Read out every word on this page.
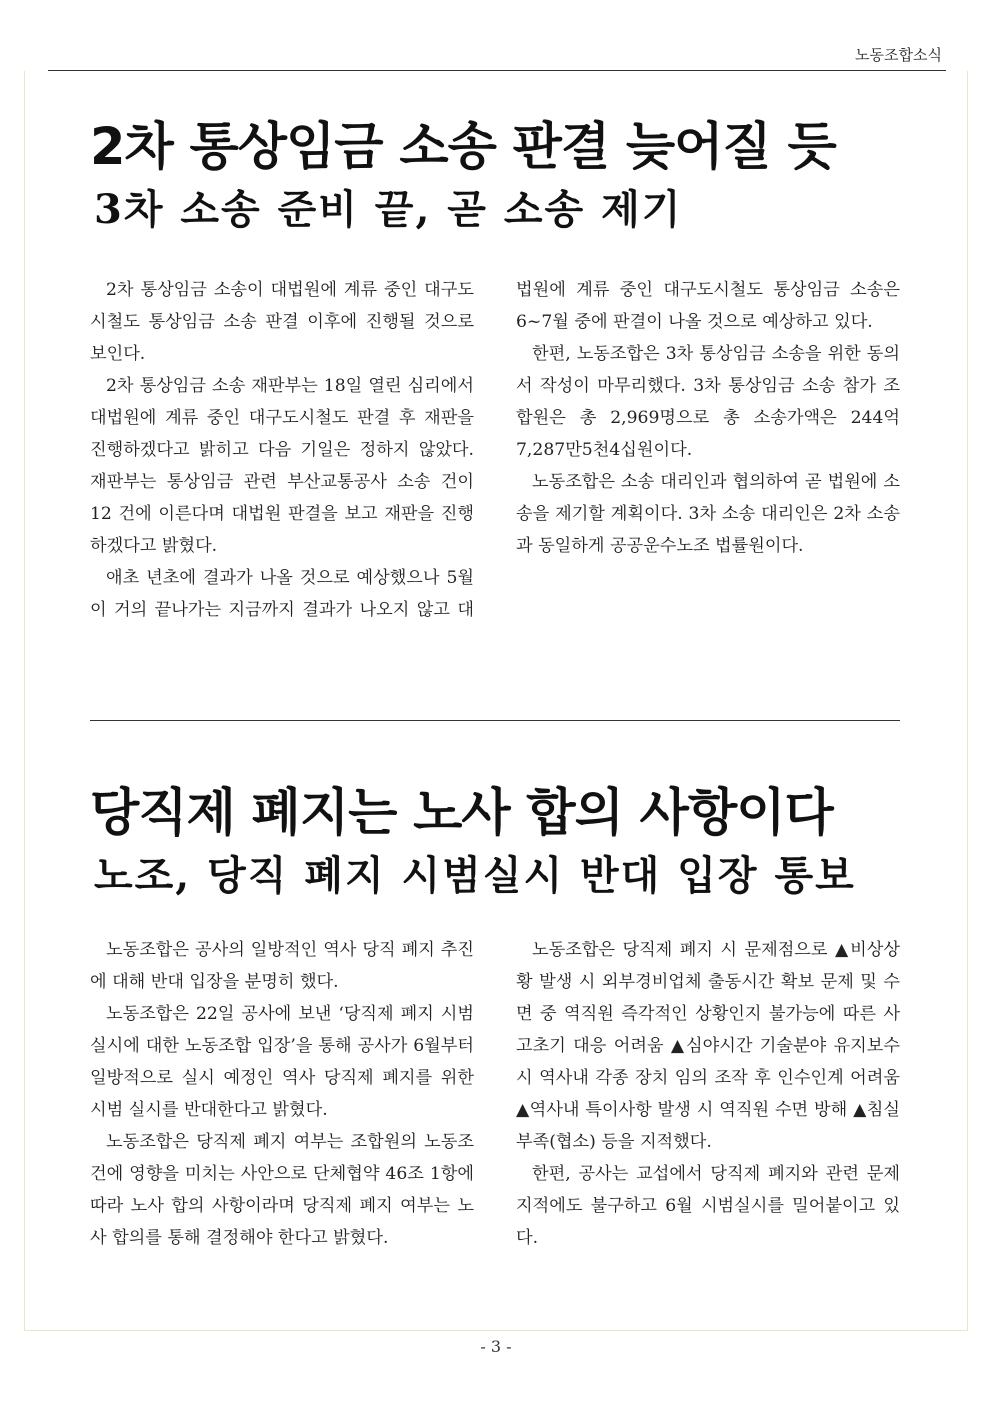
노동조합소식
2차 통상임금 소송 판결 늦어질 듯
3차 소송 준비 끝, 곧 소송 제기

2차 통상임금 소송이 대법원에 계류 중인 대구도시철도 통상임금 소송 판결 이후에 진행될 것으로 보인다.

2차 통상임금 소송 재판부는 18일 열린 심리에서 대법원에 계류 중인 대구도시철도 판결 후 재판을 진행하겠다고 밝히고 다음 기일은 정하지 않았다. 재판부는 통상임금 관련 부산교통공사 소송 건이 12 건에 이른다며 대법원 판결을 보고 재판을 진행하겠다고 밝혔다.

애초 년초에 결과가 나올 것으로 예상했으나 5월이 거의 끝나가는 지금까지 결과가 나오지 않고 대법원에 계류 중인 대구도시철도 통상임금 소송은 6~7월 중에 판결이 나올 것으로 예상하고 있다.

한편, 노동조합은 3차 통상임금 소송을 위한 동의서 작성이 마무리했다. 3차 통상임금 소송 참가 조합원은 총 2,969명으로 총 소송가액은 244억7,287만5천4십원이다.

노동조합은 소송 대리인과 협의하여 곧 법원에 소송을 제기할 계획이다. 3차 소송 대리인은 2차 소송과 동일하게 공공운수노조 법률원이다.

당직제 폐지는 노사 합의 사항이다
노조, 당직 폐지 시범실시 반대 입장 통보

노동조합은 공사의 일방적인 역사 당직 폐지 추진에 대해 반대 입장을 분명히 했다.

노동조합은 22일 공사에 보낸 ‘당직제 폐지 시범실시에 대한 노동조합 입장’을 통해 공사가 6월부터 일방적으로 실시 예정인 역사 당직제 폐지를 위한 시범 실시를 반대한다고 밝혔다.

노동조합은 당직제 폐지 여부는 조합원의 노동조건에 영향을 미치는 사안으로 단체협약 46조 1항에 따라 노사 합의 사항이라며 당직제 폐지 여부는 노사 합의를 통해 결정해야 한다고 밝혔다.

노동조합은 당직제 폐지 시 문제점으로 ▲비상상황 발생 시 외부경비업체 출동시간 확보 문제 및 수면 중 역직원 즉각적인 상황인지 불가능에 따른 사고초기 대응 어려움 ▲심야시간 기술분야 유지보수 시 역사내 각종 장치 임의 조작 후 인수인계 어려움 ▲역사내 특이사항 발생 시 역직원 수면 방해 ▲침실부족(협소) 등을 지적했다.

한편, 공사는 교섭에서 당직제 폐지와 관련 문제 지적에도 불구하고 6월 시범실시를 밀어붙이고 있다.

- 3 -
